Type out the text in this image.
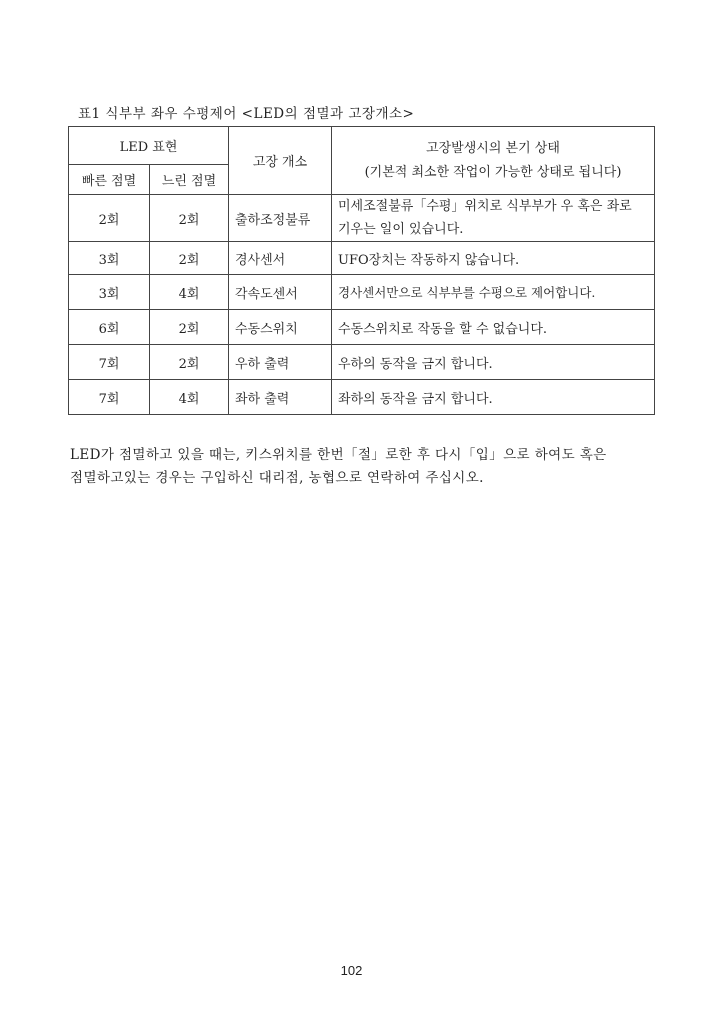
표1 식부부 좌우 수평제어 <LED의 점멸과 고장개소>
LED 표현		고장 개소	고장발생시의 본기 상태
(기본적 최소한 작업이 가능한 상태로 됩니다)

빠른 점멸	느린 점멸		
2회	2회	출하조정불류	미세조절불류「수평」위치로 식부부가 우 혹은 좌로 기우는 일이 있습니다.
3회	2회	경사센서	UFO장치는 작동하지 않습니다.
3회	4회	각속도센서	경사센서만으로 식부부를 수평으로 제어합니다.
6회	2회	수동스위치	수동스위치로 작동을 할 수 없습니다.
7회	2회	우하 출력	우하의 동작을 금지 합니다.
7회	4회	좌하 출력	좌하의 동작을 금지 합니다.

LED가 점멸하고 있을 때는, 키스위치를 한번「절」로한 후 다시「입」으로 하여도 혹은

점멸하고있는 경우는 구입하신 대리점, 농협으로 연락하여 주십시오.

102
